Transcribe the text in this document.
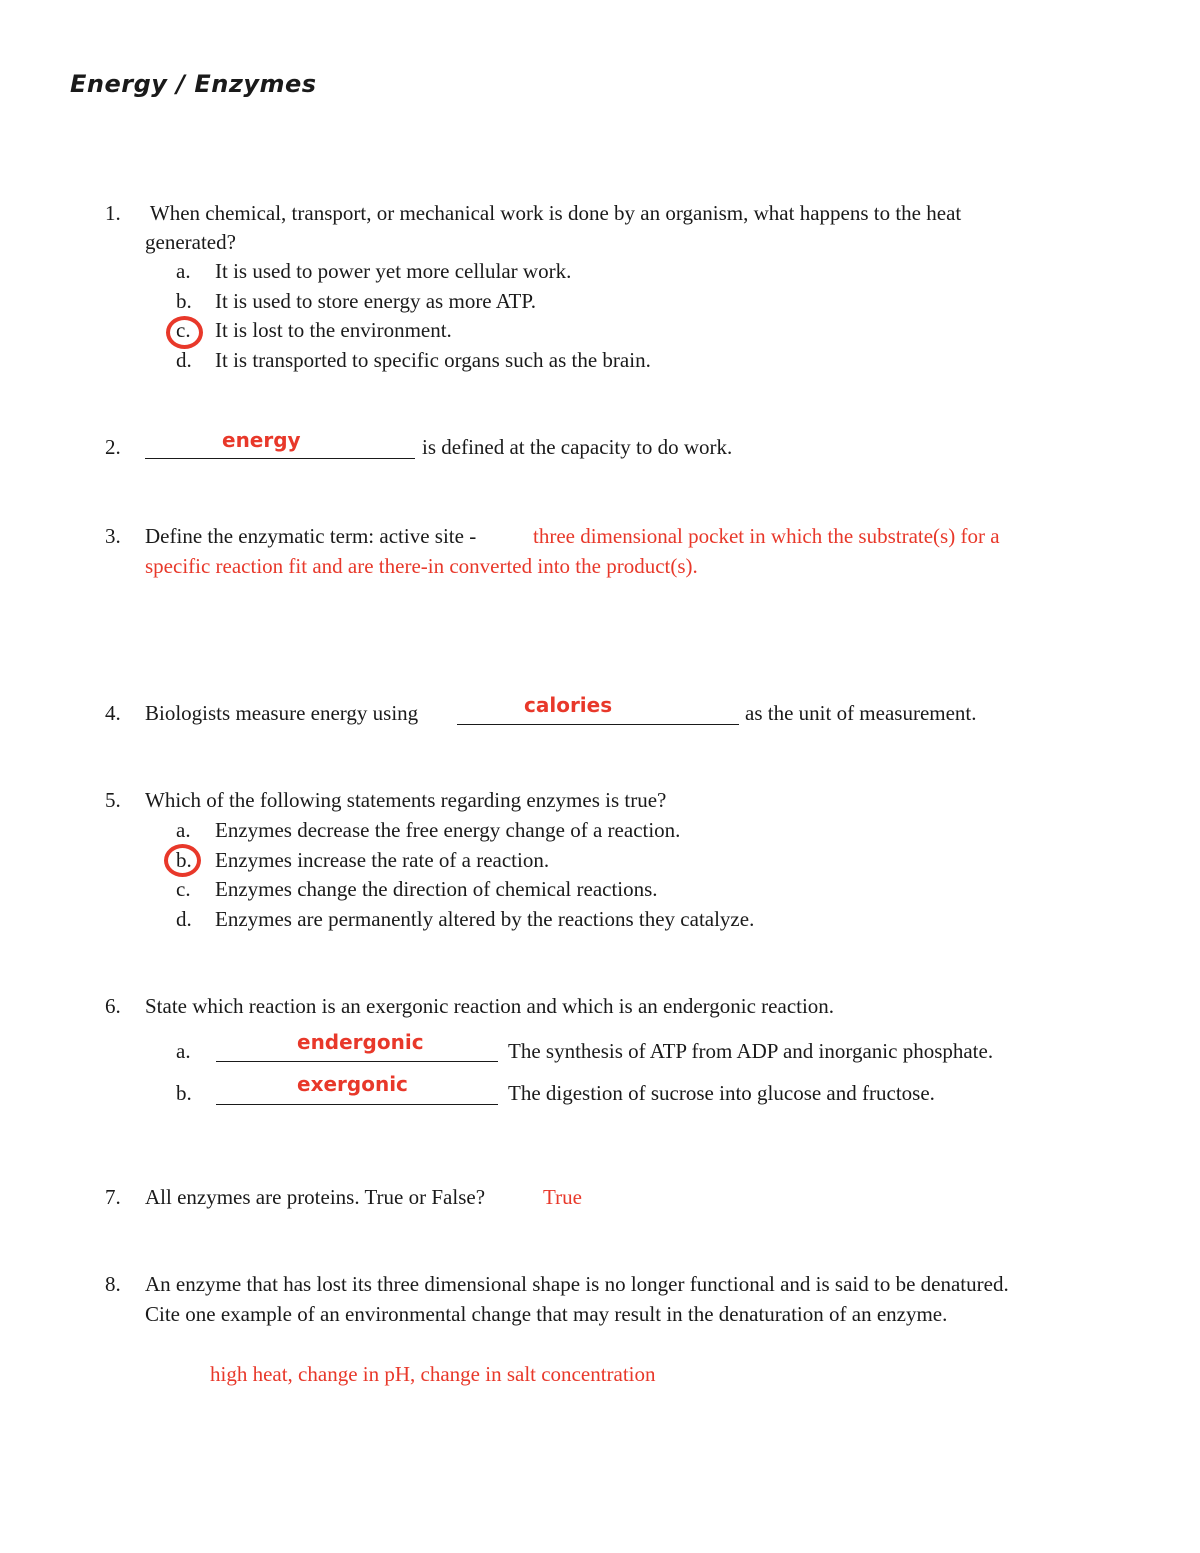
Energy / Enzymes
1. When chemical, transport, or mechanical work is done by an organism, what happens to the heat
generated?
a. It is used to power yet more cellular work.
b. It is used to store energy as more ATP.
c. It is lost to the environment.
d. It is transported to specific organs such as the brain.
2.	energy	is defined at the capacity to do work.
3. Define the enzymatic term: active site -	three dimensional pocket in which the substrate(s) for a
specific reaction fit and are there-in converted into the product(s).
4. Biologists measure energy using	calories	as the unit of measurement.
5. Which of the following statements regarding enzymes is true?
a. Enzymes decrease the free energy change of a reaction.
b. Enzymes increase the rate of a reaction.
c. Enzymes change the direction of chemical reactions.
d. Enzymes are permanently altered by the reactions they catalyze.
6. State which reaction is an exergonic reaction and which is an endergonic reaction.
a.	endergonic	The synthesis of ATP from ADP and inorganic phosphate.
b.	exergonic	The digestion of sucrose into glucose and fructose.
7. All enzymes are proteins. True or False?	True
8. An enzyme that has lost its three dimensional shape is no longer functional and is said to be denatured.
Cite one example of an environmental change that may result in the denaturation of an enzyme.
high heat, change in pH, change in salt concentration
